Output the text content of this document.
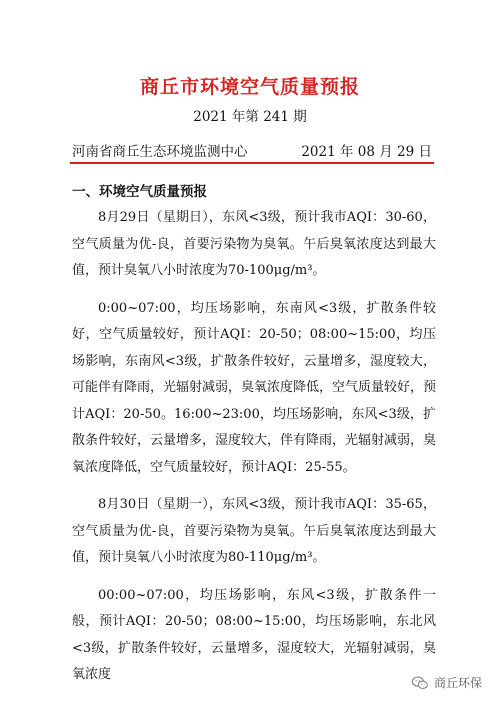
商丘市环境空气质量预报
2021 年第 241 期
河南省商丘生态环境监测中心	2021 年 08 月 29 日
一、环境空气质量预报

8月29日（星期日），东风<3级，预计我市AQI：30-60，空气质量为优-良，首要污染物为臭氧。午后臭氧浓度达到最大值，预计臭氧八小时浓度为70-100μg/m³。

0:00~07:00，均压场影响，东南风<3级，扩散条件较好，空气质量较好，预计AQI：20-50；08:00~15:00，均压场影响，东南风<3级，扩散条件较好，云量增多，湿度较大，可能伴有降雨，光辐射减弱，臭氧浓度降低，空气质量较好，预计AQI：20-50。16:00~23:00，均压场影响，东风<3级，扩散条件较好，云量增多，湿度较大，伴有降雨，光辐射减弱，臭氧浓度降低，空气质量较好，预计AQI：25-55。

8月30日（星期一），东风<3级，预计我市AQI：35-65，空气质量为优-良，首要污染物为臭氧。午后臭氧浓度达到最大值，预计臭氧八小时浓度为80-110μg/m³。

00:00~07:00，均压场影响，东风<3级，扩散条件一般，预计AQI：20-50；08:00~15:00，均压场影响，东北风<3级，扩散条件较好，云量增多，湿度较大，光辐射减弱，臭氧浓度

商丘环保
